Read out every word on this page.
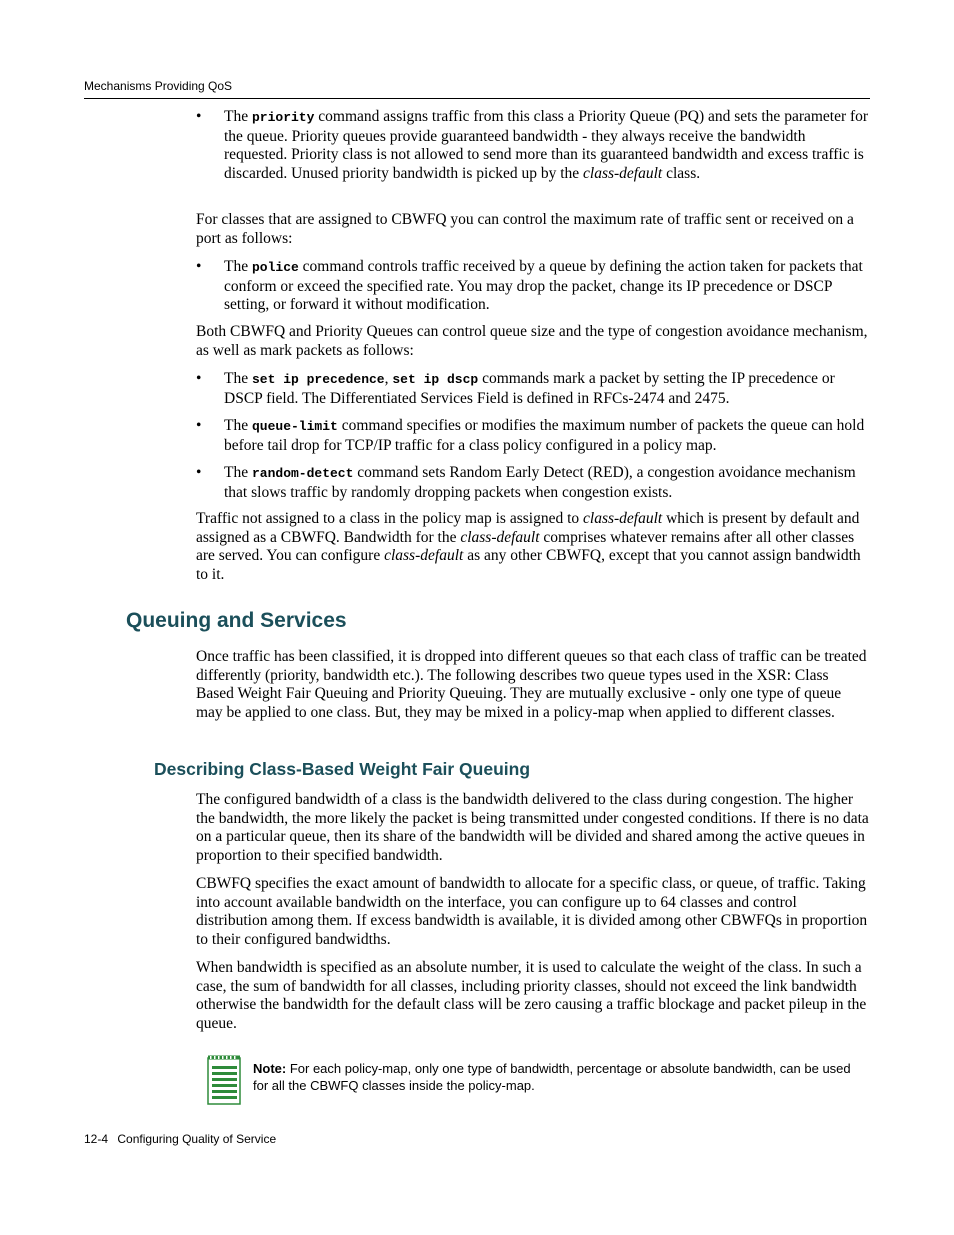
Mechanisms Providing QoS
•	The priority command assigns traffic from this class a Priority Queue (PQ) and sets the parameter for the queue. Priority queues provide guaranteed bandwidth - they always receive the bandwidth requested. Priority class is not allowed to send more than its guaranteed bandwidth and excess traffic is discarded. Unused priority bandwidth is picked up by the class-default class.

For classes that are assigned to CBWFQ you can control the maximum rate of traffic sent or received on a port as follows:

•	The police command controls traffic received by a queue by defining the action taken for packets that conform or exceed the specified rate. You may drop the packet, change its IP precedence or DSCP setting, or forward it without modification.

Both CBWFQ and Priority Queues can control queue size and the type of congestion avoidance mechanism, as well as mark packets as follows:

•	The set ip precedence, set ip dscp commands mark a packet by setting the IP precedence or DSCP field. The Differentiated Services Field is defined in RFCs-2474 and 2475.
•	The queue-limit command specifies or modifies the maximum number of packets the queue can hold before tail drop for TCP/IP traffic for a class policy configured in a policy map.
•	The random-detect command sets Random Early Detect (RED), a congestion avoidance mechanism that slows traffic by randomly dropping packets when congestion exists.

Traffic not assigned to a class in the policy map is assigned to class-default which is present by default and assigned as a CBWFQ. Bandwidth for the class-default comprises whatever remains after all other classes are served. You can configure class-default as any other CBWFQ, except that you cannot assign bandwidth to it.

Queuing and Services

Once traffic has been classified, it is dropped into different queues so that each class of traffic can be treated differently (priority, bandwidth etc.). The following describes two queue types used in the XSR: Class Based Weight Fair Queuing and Priority Queuing. They are mutually exclusive - only one type of queue may be applied to one class. But, they may be mixed in a policy-map when applied to different classes.

Describing Class-Based Weight Fair Queuing

The configured bandwidth of a class is the bandwidth delivered to the class during congestion. The higher the bandwidth, the more likely the packet is being transmitted under congested conditions. If there is no data on a particular queue, then its share of the bandwidth will be divided and shared among the active queues in proportion to their specified bandwidth.

CBWFQ specifies the exact amount of bandwidth to allocate for a specific class, or queue, of traffic. Taking into account available bandwidth on the interface, you can configure up to 64 classes and control distribution among them. If excess bandwidth is available, it is divided among other CBWFQs in proportion to their configured bandwidths.

When bandwidth is specified as an absolute number, it is used to calculate the weight of the class. In such a case, the sum of bandwidth for all classes, including priority classes, should not exceed the link bandwidth otherwise the bandwidth for the default class will be zero causing a traffic blockage and packet pileup in the queue.

Note: For each policy-map, only one type of bandwidth, percentage or absolute bandwidth, can be used for all the CBWFQ classes inside the policy-map.
12-4 Configuring Quality of Service
